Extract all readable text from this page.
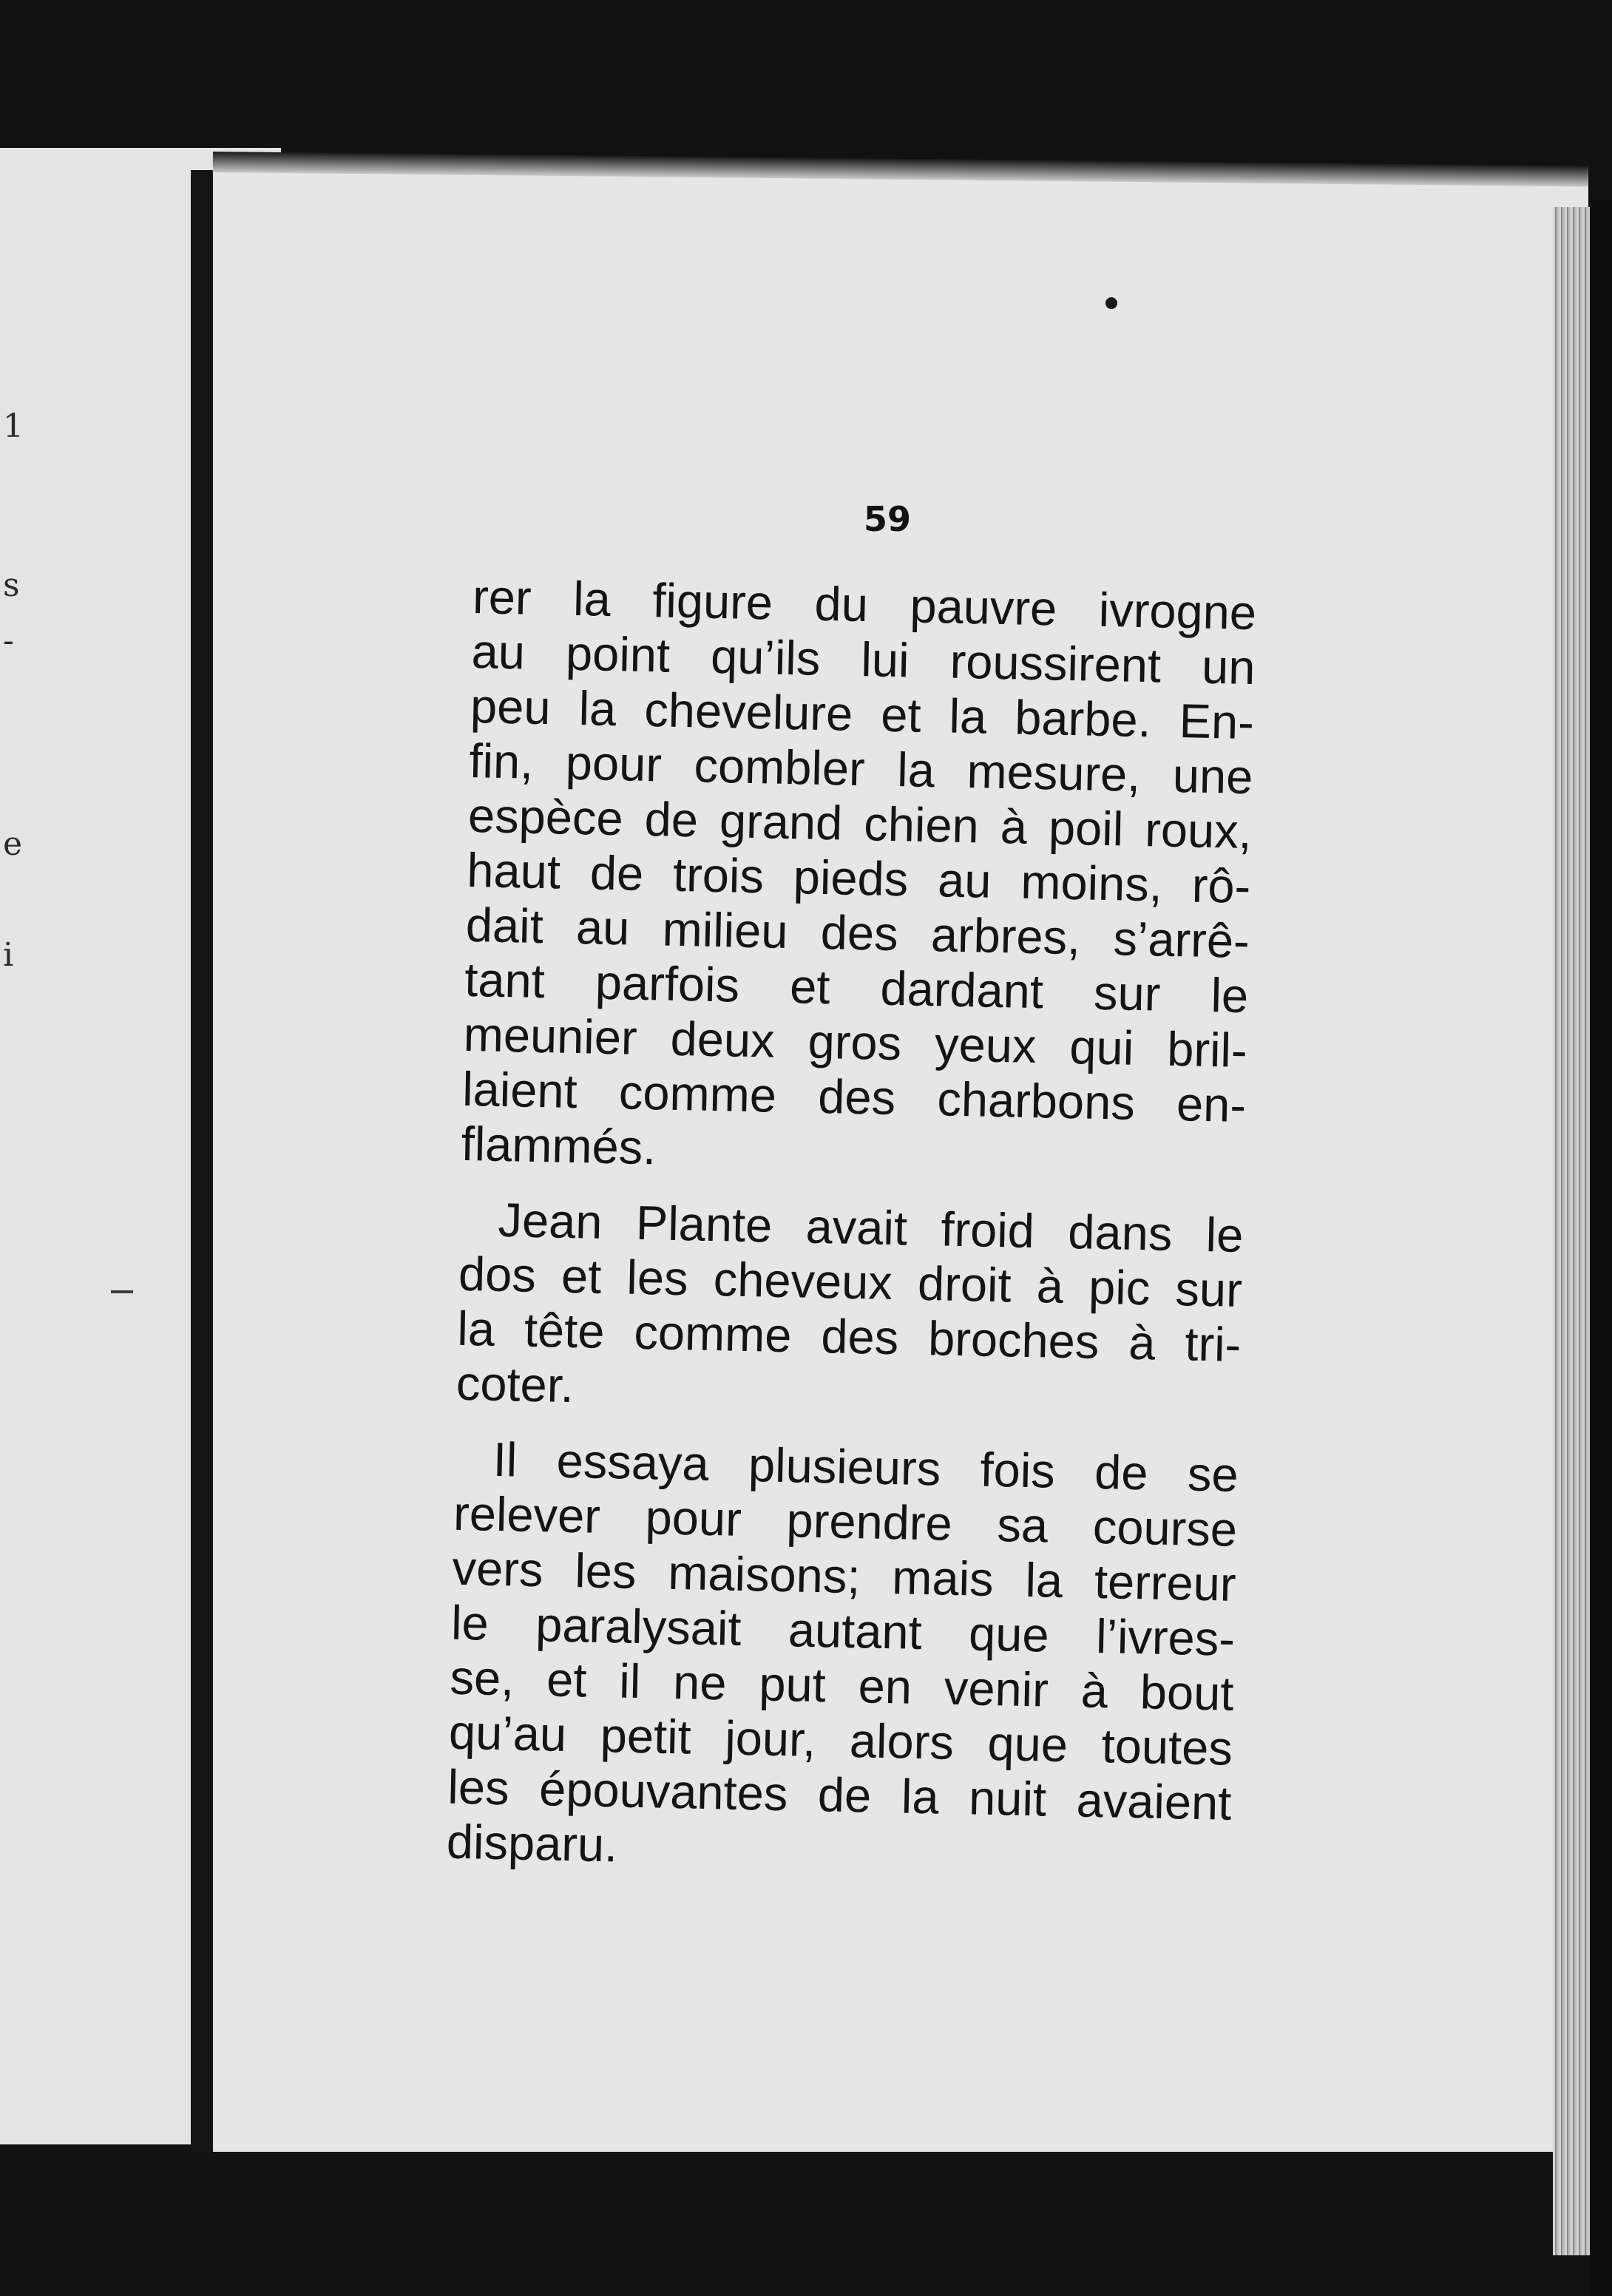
1
s
-
e
i
59

rer la figure du pauvre ivrogne
au point qu’ils lui roussirent un
peu la chevelure et la barbe. En-
fin, pour combler la mesure, une
espèce de grand chien à poil roux,
haut de trois pieds au moins, rô-
dait au milieu des arbres, s’arrê-
tant parfois et dardant sur le
meunier deux gros yeux qui bril-
laient comme des charbons en-
flammés.

Jean Plante avait froid dans le
dos et les cheveux droit à pic sur
la tête comme des broches à tri-
coter.

Il essaya plusieurs fois de se
relever pour prendre sa course
vers les maisons; mais la terreur
le paralysait autant que l’ivres-
se, et il ne put en venir à bout
qu’au petit jour, alors que toutes
les épouvantes de la nuit avaient
disparu.
